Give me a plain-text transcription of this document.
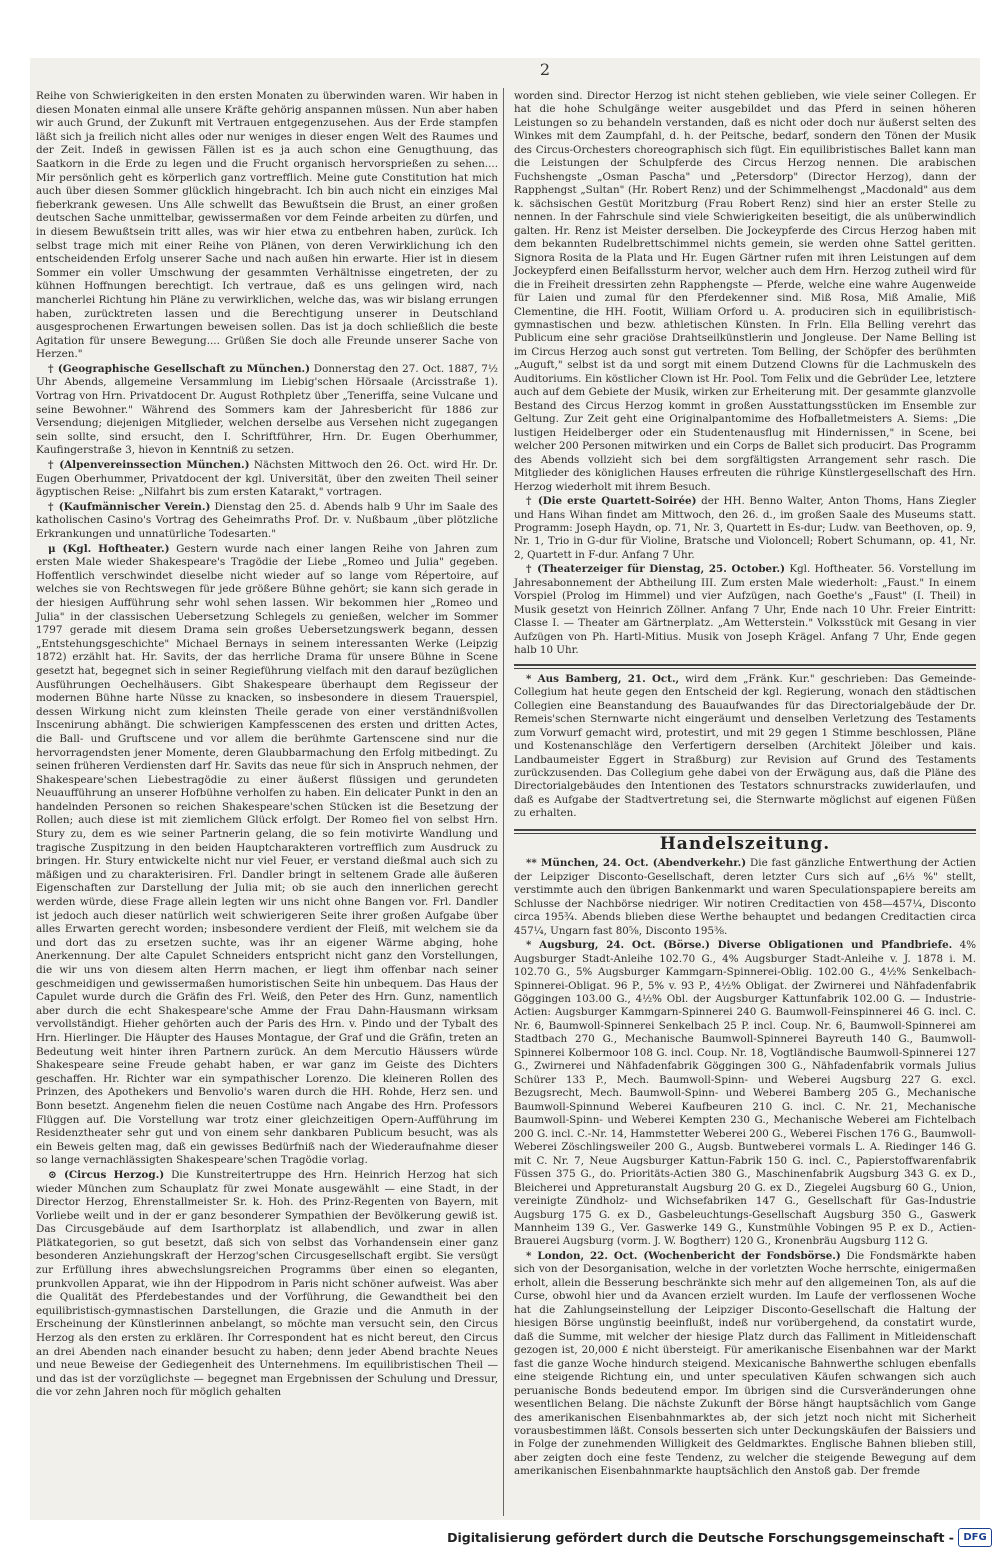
2

Reihe von Schwierigkeiten in den ersten Monaten zu überwinden waren. Wir haben in diesen Monaten einmal alle unsere Kräfte gehörig anspannen müssen. Nun aber haben wir auch Grund, der Zukunft mit Vertrauen entgegenzusehen. Aus der Erde stampfen läßt sich ja freilich nicht alles oder nur weniges in dieser engen Welt des Raumes und der Zeit. Indeß in gewissen Fällen ist es ja auch schon eine Genugthuung, das Saatkorn in die Erde zu legen und die Frucht organisch hervorsprießen zu sehen.... Mir persönlich geht es körperlich ganz vortrefflich. Meine gute Constitution hat mich auch über diesen Sommer glücklich hingebracht. Ich bin auch nicht ein einziges Mal fieberkrank gewesen. Uns Alle schwellt das Bewußtsein die Brust, an einer großen deutschen Sache unmittelbar, gewissermaßen vor dem Feinde arbeiten zu dürfen, und in diesem Bewußtsein tritt alles, was wir hier etwa zu entbehren haben, zurück. Ich selbst trage mich mit einer Reihe von Plänen, von deren Verwirklichung ich den entscheidenden Erfolg unserer Sache und nach außen hin erwarte. Hier ist in diesem Sommer ein voller Umschwung der gesammten Verhältnisse eingetreten, der zu kühnen Hoffnungen berechtigt. Ich vertraue, daß es uns gelingen wird, nach mancherlei Richtung hin Pläne zu verwirklichen, welche das, was wir bislang errungen haben, zurücktreten lassen und die Berechtigung unserer in Deutschland ausgesprochenen Erwartungen beweisen sollen. Das ist ja doch schließlich die beste Agitation für unsere Bewegung.... Grüßen Sie doch alle Freunde unserer Sache von Herzen."

† (Geographische Gesellschaft zu München.) Donnerstag den 27. Oct. 1887, 7½ Uhr Abends, allgemeine Versammlung im Liebig'schen Hörsaale (Arcisstraße 1). Vortrag von Hrn. Privatdocent Dr. August Rothpletz über „Teneriffa, seine Vulcane und seine Bewohner." Während des Sommers kam der Jahresbericht für 1886 zur Versendung; diejenigen Mitglieder, welchen derselbe aus Versehen nicht zugegangen sein sollte, sind ersucht, den I. Schriftführer, Hrn. Dr. Eugen Oberhummer, Kaufingerstraße 3, hievon in Kenntniß zu setzen.

† (Alpenvereinssection München.) Nächsten Mittwoch den 26. Oct. wird Hr. Dr. Eugen Oberhummer, Privatdocent der kgl. Universität, über den zweiten Theil seiner ägyptischen Reise: „Nilfahrt bis zum ersten Katarakt," vortragen.

† (Kaufmännischer Verein.) Dienstag den 25. d. Abends halb 9 Uhr im Saale des katholischen Casino's Vortrag des Geheimraths Prof. Dr. v. Nußbaum „über plötzliche Erkrankungen und unnatürliche Todesarten."

μ (Kgl. Hoftheater.) Gestern wurde nach einer langen Reihe von Jahren zum ersten Male wieder Shakespeare's Tragödie der Liebe „Romeo und Julia" gegeben. Hoffentlich verschwindet dieselbe nicht wieder auf so lange vom Répertoire, auf welches sie von Rechtswegen für jede größere Bühne gehört; sie kann sich gerade in der hiesigen Aufführung sehr wohl sehen lassen. Wir bekommen hier „Romeo und Julia" in der classischen Uebersetzung Schlegels zu genießen, welcher im Sommer 1797 gerade mit diesem Drama sein großes Uebersetzungswerk begann, dessen „Entstehungsgeschichte" Michael Bernays in seinem interessanten Werke (Leipzig 1872) erzählt hat. Hr. Savits, der das herrliche Drama für unsere Bühne in Scene gesetzt hat, begegnet sich in seiner Regieführung vielfach mit den darauf bezüglichen Ausführungen Oechelhäusers. Gibt Shakespeare überhaupt dem Regisseur der modernen Bühne harte Nüsse zu knacken, so insbesondere in diesem Trauerspiel, dessen Wirkung nicht zum kleinsten Theile gerade von einer verständnißvollen Inscenirung abhängt. Die schwierigen Kampfesscenen des ersten und dritten Actes, die Ball- und Gruftscene und vor allem die berühmte Gartenscene sind nur die hervorragendsten jener Momente, deren Glaubbarmachung den Erfolg mitbedingt. Zu seinen früheren Verdiensten darf Hr. Savits das neue für sich in Anspruch nehmen, der Shakespeare'schen Liebestragödie zu einer äußerst flüssigen und gerundeten Neuaufführung an unserer Hofbühne verholfen zu haben. Ein delicater Punkt in den an handelnden Personen so reichen Shakespeare'schen Stücken ist die Besetzung der Rollen; auch diese ist mit ziemlichem Glück erfolgt. Der Romeo fiel von selbst Hrn. Stury zu, dem es wie seiner Partnerin gelang, die so fein motivirte Wandlung und tragische Zuspitzung in den beiden Hauptcharakteren vortrefflich zum Ausdruck zu bringen. Hr. Stury entwickelte nicht nur viel Feuer, er verstand dießmal auch sich zu mäßigen und zu charakterisiren. Frl. Dandler bringt in seltenem Grade alle äußeren Eigenschaften zur Darstellung der Julia mit; ob sie auch den innerlichen gerecht werden würde, diese Frage allein legten wir uns nicht ohne Bangen vor. Frl. Dandler ist jedoch auch dieser natürlich weit schwierigeren Seite ihrer großen Aufgabe über alles Erwarten gerecht worden; insbesondere verdient der Fleiß, mit welchem sie da und dort das zu ersetzen suchte, was ihr an eigener Wärme abging, hohe Anerkennung. Der alte Capulet Schneiders entspricht nicht ganz den Vorstellungen, die wir uns von diesem alten Herrn machen, er liegt ihm offenbar nach seiner geschmeidigen und gewissermaßen humoristischen Seite hin unbequem. Das Haus der Capulet wurde durch die Gräfin des Frl. Weiß, den Peter des Hrn. Gunz, namentlich aber durch die echt Shakespeare'sche Amme der Frau Dahn-Hausmann wirksam vervollständigt. Hieher gehörten auch der Paris des Hrn. v. Pindo und der Tybalt des Hrn. Hierlinger. Die Häupter des Hauses Montague, der Graf und die Gräfin, treten an Bedeutung weit hinter ihren Partnern zurück. An dem Mercutio Häussers würde Shakespeare seine Freude gehabt haben, er war ganz im Geiste des Dichters geschaffen. Hr. Richter war ein sympathischer Lorenzo. Die kleineren Rollen des Prinzen, des Apothekers und Benvolio's waren durch die HH. Rohde, Herz sen. und Bonn besetzt. Angenehm fielen die neuen Costüme nach Angabe des Hrn. Professors Flüggen auf. Die Vorstellung war trotz einer gleichzeitigen Opern-Aufführung im Residenztheater sehr gut und von einem sehr dankbaren Publicum besucht, was als ein Beweis gelten mag, daß ein gewisses Bedürfniß nach der Wiederaufnahme dieser so lange vernachlässigten Shakespeare'schen Tragödie vorlag.

⊙ (Circus Herzog.) Die Kunstreitertruppe des Hrn. Heinrich Herzog hat sich wieder München zum Schauplatz für zwei Monate ausgewählt — eine Stadt, in der Director Herzog, Ehrenstallmeister Sr. k. Hoh. des Prinz-Regenten von Bayern, mit Vorliebe weilt und in der er ganz besonderer Sympathien der Bevölkerung gewiß ist. Das Circusgebäude auf dem Isarthorplatz ist allabendlich, und zwar in allen Plätkategorien, so gut besetzt, daß sich von selbst das Vorhandensein einer ganz besonderen Anziehungskraft der Herzog'schen Circusgesellschaft ergibt. Sie versügt zur Erfüllung ihres abwechslungsreichen Programms über einen so eleganten, prunkvollen Apparat, wie ihn der Hippodrom in Paris nicht schöner aufweist. Was aber die Qualität des Pferdebestandes und der Vorführung, die Gewandtheit bei den equilibristisch-gymnastischen Darstellungen, die Grazie und die Anmuth in der Erscheinung der Künstlerinnen anbelangt, so möchte man versucht sein, den Circus Herzog als den ersten zu erklären. Ihr Correspondent hat es nicht bereut, den Circus an drei Abenden nach einander besucht zu haben; denn jeder Abend brachte Neues und neue Beweise der Gediegenheit des Unternehmens. Im equilibristischen Theil — und das ist der vorzüglichste — begegnet man Ergebnissen der Schulung und Dressur, die vor zehn Jahren noch für möglich gehalten

worden sind. Director Herzog ist nicht stehen geblieben, wie viele seiner Collegen. Er hat die hohe Schulgänge weiter ausgebildet und das Pferd in seinen höheren Leistungen so zu behandeln verstanden, daß es nicht oder doch nur äußerst selten des Winkes mit dem Zaumpfahl, d. h. der Peitsche, bedarf, sondern den Tönen der Musik des Circus-Orchesters choreographisch sich fügt. Ein equilibristisches Ballet kann man die Leistungen der Schulpferde des Circus Herzog nennen. Die arabischen Fuchshengste „Osman Pascha" und „Petersdorp" (Director Herzog), dann der Rapphengst „Sultan" (Hr. Robert Renz) und der Schimmelhengst „Macdonald" aus dem k. sächsischen Gestüt Moritzburg (Frau Robert Renz) sind hier an erster Stelle zu nennen. In der Fahrschule sind viele Schwierigkeiten beseitigt, die als unüberwindlich galten. Hr. Renz ist Meister derselben. Die Jockeypferde des Circus Herzog haben mit dem bekannten Rudelbrettschimmel nichts gemein, sie werden ohne Sattel geritten. Signora Rosita de la Plata und Hr. Eugen Gärtner rufen mit ihren Leistungen auf dem Jockeypferd einen Beifallssturm hervor, welcher auch dem Hrn. Herzog zutheil wird für die in Freiheit dressirten zehn Rapphengste — Pferde, welche eine wahre Augenweide für Laien und zumal für den Pferdekenner sind. Miß Rosa, Miß Amalie, Miß Clementine, die HH. Footit, William Orford u. A. produciren sich in equilibristisch-gymnastischen und bezw. athletischen Künsten. In Frln. Ella Belling verehrt das Publicum eine sehr graciöse Drahtseilkünstlerin und Jongleuse. Der Name Belling ist im Circus Herzog auch sonst gut vertreten. Tom Belling, der Schöpfer des berühmten „Auguft," selbst ist da und sorgt mit einem Dutzend Clowns für die Lachmuskeln des Auditoriums. Ein köstlicher Clown ist Hr. Pool. Tom Felix und die Gebrüder Lee, letztere auch auf dem Gebiete der Musik, wirken zur Erheiterung mit. Der gesammte glanzvolle Bestand des Circus Herzog kommt in großen Ausstattungsstücken im Ensemble zur Geltung. Zur Zeit geht eine Originalpantomime des Hofballetmeisters A. Siems: „Die lustigen Heidelberger oder ein Studentenausflug mit Hindernissen," in Scene, bei welcher 200 Personen mitwirken und ein Corps de Ballet sich producirt. Das Programm des Abends vollzieht sich bei dem sorgfältigsten Arrangement sehr rasch. Die Mitglieder des königlichen Hauses erfreuten die rührige Künstlergesellschaft des Hrn. Herzog wiederholt mit ihrem Besuch.

† (Die erste Quartett-Soirée) der HH. Benno Walter, Anton Thoms, Hans Ziegler und Hans Wihan findet am Mittwoch, den 26. d., im großen Saale des Museums statt. Programm: Joseph Haydn, op. 71, Nr. 3, Quartett in Es-dur; Ludw. van Beethoven, op. 9, Nr. 1, Trio in G-dur für Violine, Bratsche und Violoncell; Robert Schumann, op. 41, Nr. 2, Quartett in F-dur. Anfang 7 Uhr.

† (Theaterzeiger für Dienstag, 25. October.) Kgl. Hoftheater. 56. Vorstellung im Jahresabonnement der Abtheilung III. Zum ersten Male wiederholt: „Faust." In einem Vorspiel (Prolog im Himmel) und vier Aufzügen, nach Goethe's „Faust" (I. Theil) in Musik gesetzt von Heinrich Zöllner. Anfang 7 Uhr, Ende nach 10 Uhr. Freier Eintritt: Classe I. — Theater am Gärtnerplatz. „Am Wetterstein." Volksstück mit Gesang in vier Aufzügen von Ph. Hartl-Mitius. Musik von Joseph Krägel. Anfang 7 Uhr, Ende gegen halb 10 Uhr.

* Aus Bamberg, 21. Oct., wird dem „Fränk. Kur." geschrieben: Das Gemeinde-Collegium hat heute gegen den Entscheid der kgl. Regierung, wonach den städtischen Collegien eine Beanstandung des Bauaufwandes für das Directorialgebäude der Dr. Remeis'schen Sternwarte nicht eingeräumt und denselben Verletzung des Testaments zum Vorwurf gemacht wird, protestirt, und mit 29 gegen 1 Stimme beschlossen, Pläne und Kostenanschläge den Verfertigern derselben (Architekt Jöleiber und kais. Landbaumeister Eggert in Straßburg) zur Revision auf Grund des Testaments zurückzusenden. Das Collegium gehe dabei von der Erwägung aus, daß die Pläne des Directorialgebäudes den Intentionen des Testators schnurstracks zuwiderlaufen, und daß es Aufgabe der Stadtvertretung sei, die Sternwarte möglichst auf eigenen Füßen zu erhalten.

Handelszeitung.

** München, 24. Oct. (Abendverkehr.) Die fast gänzliche Entwerthung der Actien der Leipziger Disconto-Gesellschaft, deren letzter Curs sich auf „6⅓ %" stellt, verstimmte auch den übrigen Bankenmarkt und waren Speculationspapiere bereits am Schlusse der Nachbörse niedriger. Wir notiren Creditactien von 458—457¼, Disconto circa 195¾. Abends blieben diese Werthe behauptet und bedangen Creditactien circa 457¼, Ungarn fast 80⅝, Disconto 195⅜.

* Augsburg, 24. Oct. (Börse.) Diverse Obligationen und Pfandbriefe. 4% Augsburger Stadt-Anleihe 102.70 G., 4% Augsburger Stadt-Anleihe v. J. 1878 i. M. 102.70 G., 5% Augsburger Kammgarn-Spinnerei-Oblig. 102.00 G., 4½% Senkelbach-Spinnerei-Obligat. 96 P., 5% v. 93 P., 4½% Obligat. der Zwirnerei und Nähfadenfabrik Göggingen 103.00 G., 4½% Obl. der Augsburger Kattunfabrik 102.00 G. — Industrie-Actien: Augsburger Kammgarn-Spinnerei 240 G. Baumwoll-Feinspinnerei 46 G. incl. C. Nr. 6, Baumwoll-Spinnerei Senkelbach 25 P. incl. Coup. Nr. 6, Baumwoll-Spinnerei am Stadtbach 270 G., Mechanische Baumwoll-Spinnerei Bayreuth 140 G., Baumwoll-Spinnerei Kolbermoor 108 G. incl. Coup. Nr. 18, Vogtländische Baumwoll-Spinnerei 127 G., Zwirnerei und Nähfadenfabrik Göggingen 300 G., Nähfadenfabrik vormals Julius Schürer 133 P., Mech. Baumwoll-Spinn- und Weberei Augsburg 227 G. excl. Bezugsrecht, Mech. Baumwoll-Spinn- und Weberei Bamberg 205 G., Mechanische Baumwoll-Spinnund Weberei Kaufbeuren 210 G. incl. C. Nr. 21, Mechanische Baumwoll-Spinn- und Weberei Kempten 230 G., Mechanische Weberei am Fichtelbach 200 G. incl. C.-Nr. 14, Hammstetter Weberei 200 G., Weberei Fischen 176 G., Baumwoll-Weberei Zöschlingsweiler 200 G., Augsb. Buntweberei vormals L. A. Riedinger 146 G. mit C. Nr. 7, Neue Augsburger Kattun-Fabrik 150 G. incl. C., Papierstoffwarenfabrik Füssen 375 G., do. Prioritäts-Actien 380 G., Maschinenfabrik Augsburg 343 G. ex D., Bleicherei und Appreturanstalt Augsburg 20 G. ex D., Ziegelei Augsburg 60 G., Union, vereinigte Zündholz- und Wichsefabriken 147 G., Gesellschaft für Gas-Industrie Augsburg 175 G. ex D., Gasbeleuchtungs-Gesellschaft Augsburg 350 G., Gaswerk Mannheim 139 G., Ver. Gaswerke 149 G., Kunstmühle Vobingen 95 P. ex D., Actien-Brauerei Augsburg (vorm. J. W. Bogtherr) 120 G., Kronenbräu Augsburg 112 G.

* London, 22. Oct. (Wochenbericht der Fondsbörse.) Die Fondsmärkte haben sich von der Desorganisation, welche in der vorletzten Woche herrschte, einigermaßen erholt, allein die Besserung beschränkte sich mehr auf den allgemeinen Ton, als auf die Curse, obwohl hier und da Avancen erzielt wurden. Im Laufe der verflossenen Woche hat die Zahlungseinstellung der Leipziger Disconto-Gesellschaft die Haltung der hiesigen Börse ungünstig beeinflußt, indeß nur vorübergehend, da constatirt wurde, daß die Summe, mit welcher der hiesige Platz durch das Falliment in Mitleidenschaft gezogen ist, 20,000 £ nicht übersteigt. Für amerikanische Eisenbahnen war der Markt fast die ganze Woche hindurch steigend. Mexicanische Bahnwerthe schlugen ebenfalls eine steigende Richtung ein, und unter speculativen Käufen schwangen sich auch peruanische Bonds bedeutend empor. Im übrigen sind die Cursveränderungen ohne wesentlichen Belang. Die nächste Zukunft der Börse hängt hauptsächlich vom Gange des amerikanischen Eisenbahnmarktes ab, der sich jetzt noch nicht mit Sicherheit vorausbestimmen läßt. Consols besserten sich unter Deckungskäufen der Baissiers und in Folge der zunehmenden Willigkeit des Geldmarktes. Englische Bahnen blieben still, aber zeigten doch eine feste Tendenz, zu welcher die steigende Bewegung auf dem amerikanischen Eisenbahnmarkte hauptsächlich den Anstoß gab. Der fremde

Digitalisierung gefördert durch die Deutsche Forschungsgemeinschaft - DFG
